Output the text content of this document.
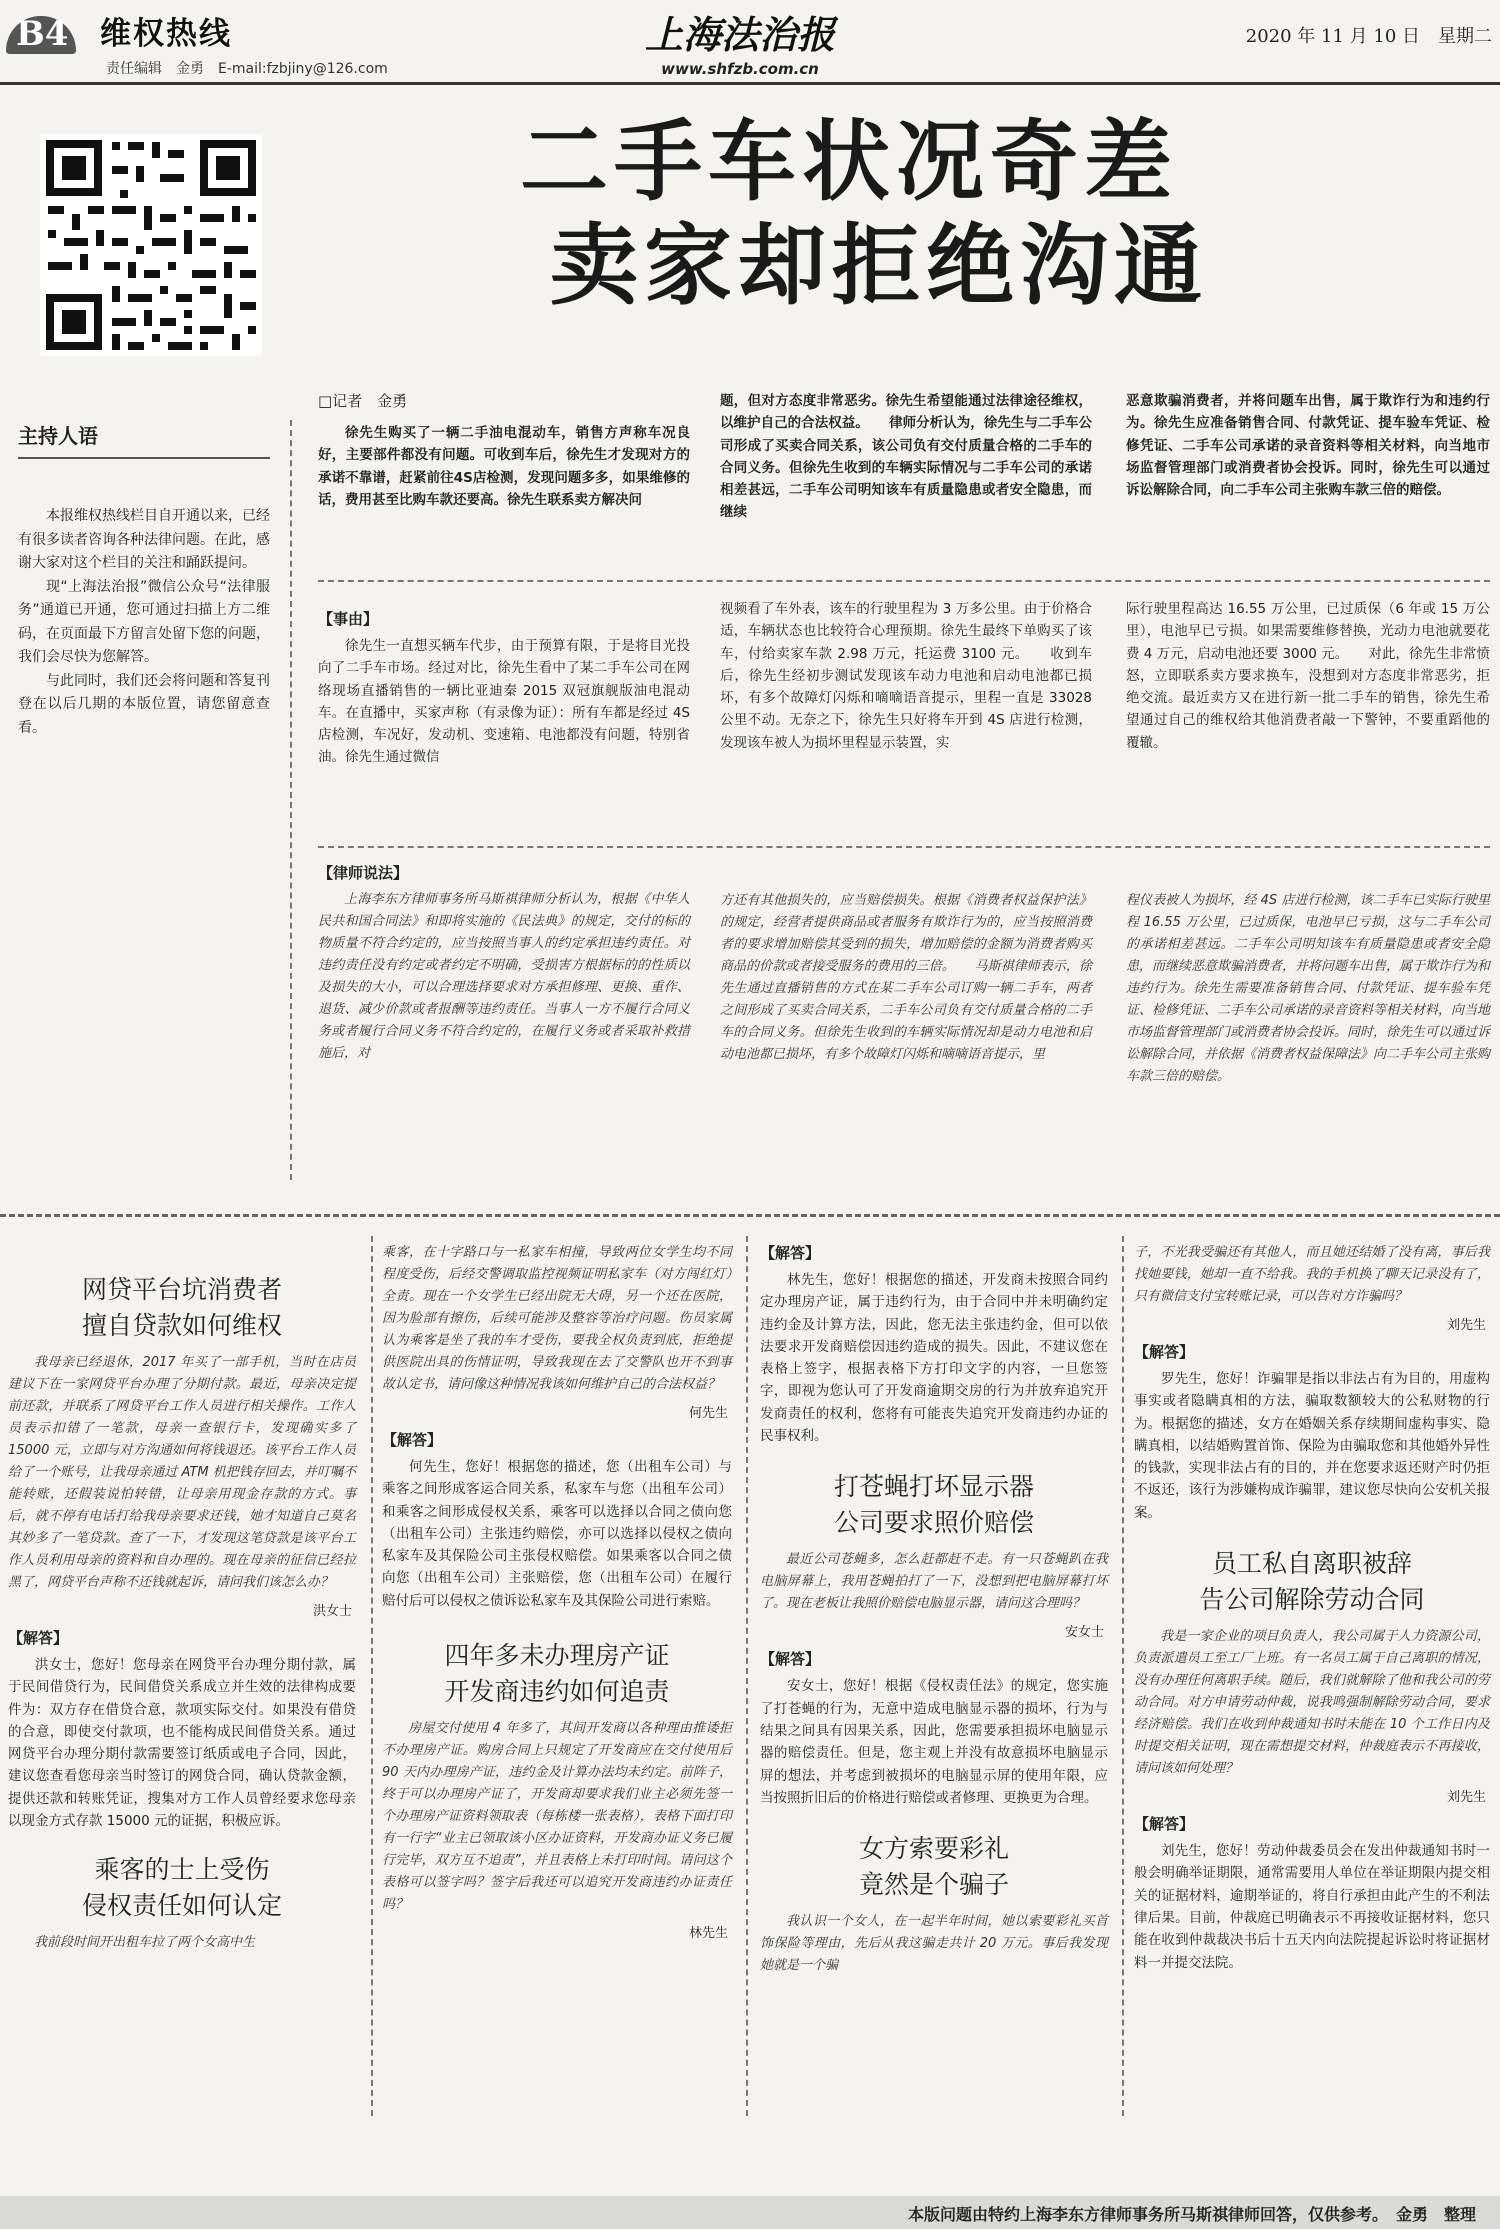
B4 维权热线
责任编辑　金勇　E-mail:fzbjiny@126.com
上海法治报
www.shfzb.com.cn
2020 年 11 月 10 日　星期二
二手车状况奇差
卖家却拒绝沟通
主持人语

本报维权热线栏目自开通以来，已经有很多读者咨询各种法律问题。在此，感谢大家对这个栏目的关注和踊跃提问。

现“上海法治报”微信公众号“法律服务”通道已开通，您可通过扫描上方二维码，在页面最下方留言处留下您的问题，我们会尽快为您解答。

与此同时，我们还会将问题和答复刊登在以后几期的本版位置，请您留意查看。

□记者　金勇

徐先生购买了一辆二手油电混动车，销售方声称车况良好，主要部件都没有问题。可收到车后，徐先生才发现对方的承诺不靠谱，赶紧前往4S店检测，发现问题多多，如果维修的话，费用甚至比购车款还要高。徐先生联系卖方解决问

题，但对方态度非常恶劣。徐先生希望能通过法律途径维权，以维护自己的合法权益。　　律师分析认为，徐先生与二手车公司形成了买卖合同关系，该公司负有交付质量合格的二手车的合同义务。但徐先生收到的车辆实际情况与二手车公司的承诺相差甚远，二手车公司明知该车有质量隐患或者安全隐患，而继续

恶意欺骗消费者，并将问题车出售，属于欺诈行为和违约行为。徐先生应准备销售合同、付款凭证、提车验车凭证、检修凭证、二手车公司承诺的录音资料等相关材料，向当地市场监督管理部门或消费者协会投诉。同时，徐先生可以通过诉讼解除合同，向二手车公司主张购车款三倍的赔偿。

【事由】

徐先生一直想买辆车代步，由于预算有限，于是将目光投向了二手车市场。经过对比，徐先生看中了某二手车公司在网络现场直播销售的一辆比亚迪秦 2015 双冠旗舰版油电混动车。在直播中，买家声称（有录像为证）：所有车都是经过 4S 店检测，车况好，发动机、变速箱、电池都没有问题，特别省油。徐先生通过微信

视频看了车外表，该车的行驶里程为 3 万多公里。由于价格合适，车辆状态也比较符合心理预期。徐先生最终下单购买了该车，付给卖家车款 2.98 万元，托运费 3100 元。　　收到车后，徐先生经初步测试发现该车动力电池和启动电池都已损坏，有多个故障灯闪烁和嘀嘀语音提示，里程一直是 33028 公里不动。无奈之下，徐先生只好将车开到 4S 店进行检测，发现该车被人为损坏里程显示装置，实

际行驶里程高达 16.55 万公里，已过质保（6 年或 15 万公里），电池早已亏损。如果需要维修替换，光动力电池就要花费 4 万元，启动电池还要 3000 元。　　对此，徐先生非常愤怒，立即联系卖方要求换车，没想到对方态度非常恶劣，拒绝交流。最近卖方又在进行新一批二手车的销售，徐先生希望通过自己的维权给其他消费者敲一下警钟，不要重蹈他的覆辙。

【律师说法】

上海李东方律师事务所马斯祺律师分析认为，根据《中华人民共和国合同法》和即将实施的《民法典》的规定，交付的标的物质量不符合约定的，应当按照当事人的约定承担违约责任。对违约责任没有约定或者约定不明确，受损害方根据标的的性质以及损失的大小，可以合理选择要求对方承担修理、更换、重作、退货、减少价款或者报酬等违约责任。当事人一方不履行合同义务或者履行合同义务不符合约定的，在履行义务或者采取补救措施后，对

方还有其他损失的，应当赔偿损失。根据《消费者权益保护法》的规定，经营者提供商品或者服务有欺诈行为的，应当按照消费者的要求增加赔偿其受到的损失，增加赔偿的金额为消费者购买商品的价款或者接受服务的费用的三倍。　　马斯祺律师表示，徐先生通过直播销售的方式在某二手车公司订购一辆二手车，两者之间形成了买卖合同关系，二手车公司负有交付质量合格的二手车的合同义务。但徐先生收到的车辆实际情况却是动力电池和启动电池都已损坏，有多个故障灯闪烁和嘀嘀语音提示，里

程仪表被人为损坏，经 4S 店进行检测，该二手车已实际行驶里程 16.55 万公里，已过质保，电池早已亏损，这与二手车公司的承诺相差甚远。二手车公司明知该车有质量隐患或者安全隐患，而继续恶意欺骗消费者，并将问题车出售，属于欺诈行为和违约行为。徐先生需要准备销售合同、付款凭证、提车验车凭证、检修凭证、二手车公司承诺的录音资料等相关材料，向当地市场监督管理部门或消费者协会投诉。同时，徐先生可以通过诉讼解除合同，并依据《消费者权益保障法》向二手车公司主张购车款三倍的赔偿。

网贷平台坑消费者
擅自贷款如何维权

我母亲已经退休，2017 年买了一部手机，当时在店员建议下在一家网贷平台办理了分期付款。最近，母亲决定提前还款，并联系了网贷平台工作人员进行相关操作。工作人员表示扣错了一笔款，母亲一查银行卡，发现确实多了 15000 元，立即与对方沟通如何将钱退还。该平台工作人员给了一个账号，让我母亲通过 ATM 机把钱存回去，并叮嘱不能转账，还假装说怕转错，让母亲用现金存款的方式。事后，就不停有电话打给我母亲要求还钱，她才知道自己莫名其妙多了一笔贷款。查了一下，才发现这笔贷款是该平台工作人员利用母亲的资料和自办理的。现在母亲的征信已经拉黑了，网贷平台声称不还钱就起诉，请问我们该怎么办？

洪女士
【解答】

洪女士，您好！您母亲在网贷平台办理分期付款，属于民间借贷行为，民间借贷关系成立并生效的法律构成要件为：双方存在借贷合意，款项实际交付。如果没有借贷的合意，即使交付款项，也不能构成民间借贷关系。通过网贷平台办理分期付款需要签订纸质或电子合同，因此，建议您查看您母亲当时签订的网贷合同，确认贷款金额，提供还款和转账凭证，搜集对方工作人员曾经要求您母亲以现金方式存款 15000 元的证据，积极应诉。

乘客的士上受伤
侵权责任如何认定

我前段时间开出租车拉了两个女高中生

乘客，在十字路口与一私家车相撞，导致两位女学生均不同程度受伤，后经交警调取监控视频证明私家车（对方闯红灯）全责。现在一个女学生已经出院无大碍，另一个还在医院，因为脸部有擦伤，后续可能涉及整容等治疗问题。伤员家属认为乘客是坐了我的车才受伤，要我全权负责到底，拒绝提供医院出具的伤情证明，导致我现在去了交警队也开不到事故认定书，请问像这种情况我该如何维护自己的合法权益？

何先生
【解答】

何先生，您好！根据您的描述，您（出租车公司）与乘客之间形成客运合同关系，私家车与您（出租车公司）和乘客之间形成侵权关系，乘客可以选择以合同之债向您（出租车公司）主张违约赔偿，亦可以选择以侵权之债向私家车及其保险公司主张侵权赔偿。如果乘客以合同之债向您（出租车公司）主张赔偿，您（出租车公司）在履行赔付后可以侵权之债诉讼私家车及其保险公司进行索赔。

四年多未办理房产证
开发商违约如何追责

房屋交付使用 4 年多了，其间开发商以各种理由推诿拒不办理房产证。购房合同上只规定了开发商应在交付使用后 90 天内办理房产证，违约金及计算办法均未约定。前阵子，终于可以办理房产证了，开发商却要求我们业主必须先签一个办理房产证资料领取表（每栋楼一张表格），表格下面打印有一行字“业主已领取该小区办证资料，开发商办证义务已履行完毕，双方互不追责”，并且表格上未打印时间。请问这个表格可以签字吗？签字后我还可以追究开发商违约办证责任吗？

林先生
【解答】

林先生，您好！根据您的描述，开发商未按照合同约定办理房产证，属于违约行为，由于合同中并未明确约定违约金及计算方法，因此，您无法主张违约金，但可以依法要求开发商赔偿因违约造成的损失。因此，不建议您在表格上签字，根据表格下方打印文字的内容，一旦您签字，即视为您认可了开发商逾期交房的行为并放弃追究开发商责任的权利，您将有可能丧失追究开发商违约办证的民事权利。

打苍蝇打坏显示器
公司要求照价赔偿

最近公司苍蝇多，怎么赶都赶不走。有一只苍蝇趴在我电脑屏幕上，我用苍蝇拍打了一下，没想到把电脑屏幕打坏了。现在老板让我照价赔偿电脑显示器，请问这合理吗？

安女士
【解答】

安女士，您好！根据《侵权责任法》的规定，您实施了打苍蝇的行为，无意中造成电脑显示器的损坏，行为与结果之间具有因果关系，因此，您需要承担损坏电脑显示器的赔偿责任。但是，您主观上并没有故意损坏电脑显示屏的想法，并考虑到被损坏的电脑显示屏的使用年限，应当按照折旧后的价格进行赔偿或者修理、更换更为合理。

女方索要彩礼
竟然是个骗子

我认识一个女人，在一起半年时间，她以索要彩礼买首饰保险等理由，先后从我这骗走共计 20 万元。事后我发现她就是一个骗

子，不光我受骗还有其他人，而且她还结婚了没有离，事后我找她要钱，她却一直不给我。我的手机换了聊天记录没有了，只有微信支付宝转账记录，可以告对方诈骗吗？

刘先生
【解答】

罗先生，您好！诈骗罪是指以非法占有为目的，用虚构事实或者隐瞒真相的方法，骗取数额较大的公私财物的行为。根据您的描述，女方在婚姻关系存续期间虚构事实、隐瞒真相，以结婚购置首饰、保险为由骗取您和其他婚外异性的钱款，实现非法占有的目的，并在您要求返还财产时仍拒不返还，该行为涉嫌构成诈骗罪，建议您尽快向公安机关报案。

员工私自离职被辞
告公司解除劳动合同

我是一家企业的项目负责人，我公司属于人力资源公司，负责派遣员工至工厂上班。有一名员工属于自己离职的情况，没有办理任何离职手续。随后，我们就解除了他和我公司的劳动合同。对方申请劳动仲裁，说我鸣强制解除劳动合同，要求经济赔偿。我们在收到仲裁通知书时未能在 10 个工作日内及时提交相关证明，现在需想提交材料，仲裁庭表示不再接收，请问该如何处理？

刘先生
【解答】

刘先生，您好！劳动仲裁委员会在发出仲裁通知书时一般会明确举证期限，通常需要用人单位在举证期限内提交相关的证据材料，逾期举证的，将自行承担由此产生的不利法律后果。目前，仲裁庭已明确表示不再接收证据材料，您只能在收到仲裁裁决书后十五天内向法院提起诉讼时将证据材料一并提交法院。

本版问题由特约上海李东方律师事务所马斯祺律师回答，仅供参考。　金勇　整理
